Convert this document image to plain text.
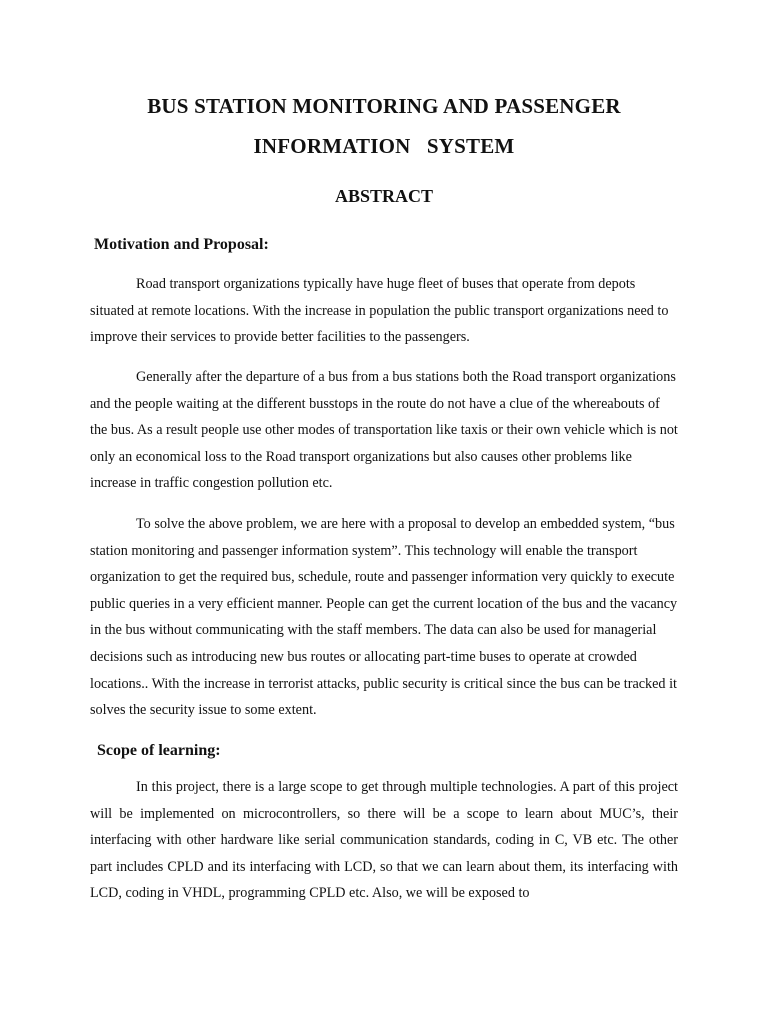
BUS STATION MONITORING AND PASSENGER
INFORMATION   SYSTEM
ABSTRACT
Motivation and Proposal:

Road transport organizations typically have huge fleet of buses that operate from depots situated at remote locations. With the increase in population the public transport organizations need to improve their services to provide better facilities to the passengers.

Generally after the departure of a bus from a bus stations both the Road transport organizations and the people waiting at the different busstops in the route do not have a clue of the whereabouts of the bus. As a result people use other modes of transportation like taxis or their own vehicle which is not only an economical loss to the Road transport organizations but also causes other problems like increase in traffic congestion pollution etc.

To solve the above problem, we are here with a proposal to develop an embedded system, “bus station monitoring and passenger information system”. This technology will enable the transport organization to get the required bus, schedule, route and passenger information very quickly to execute public queries in a very efficient manner. People can get the current location of the bus and the vacancy in the bus without communicating with the staff members. The data can also be used for managerial decisions such as introducing new bus routes or allocating part-time buses to operate at crowded locations.. With the increase in terrorist attacks, public security is critical since the bus can be tracked it solves the security issue to some extent.

Scope of learning:

In this project, there is a large scope to get through multiple technologies. A part of this project will be implemented on microcontrollers, so there will be a scope to learn about MUC’s, their interfacing with other hardware like serial communication standards, coding in C, VB etc. The other part includes CPLD and its interfacing with LCD, so that we can learn about them, its interfacing with LCD, coding in VHDL, programming CPLD etc. Also, we will be exposed to
